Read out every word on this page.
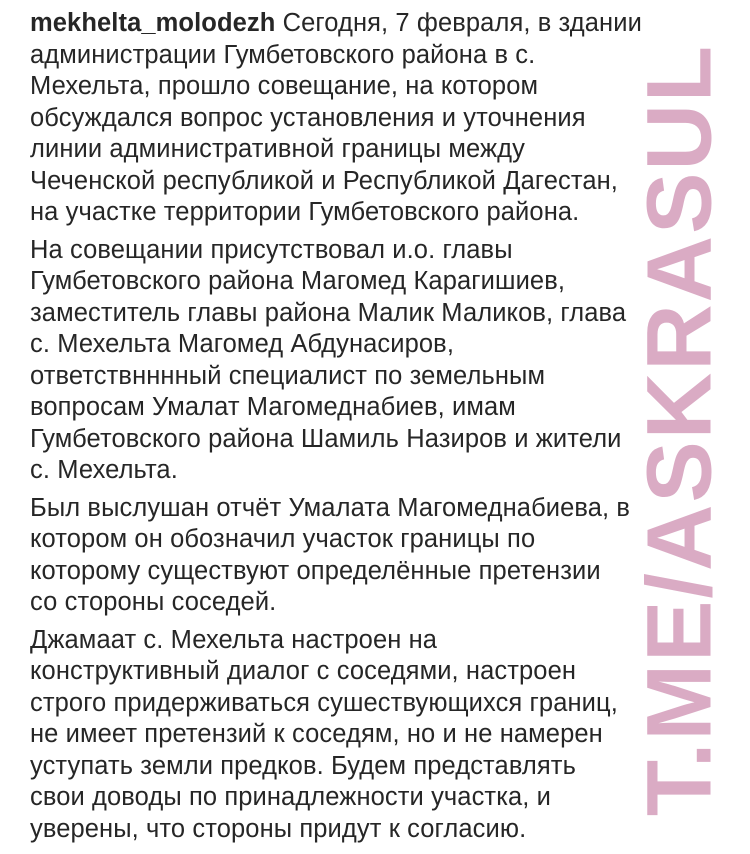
mekhelta_molodezh Сегодня, 7 февраля, в здании
администрации Гумбетовского района в с.
Мехельта, прошло совещание, на котором
обсуждался вопрос установления и уточнения
линии административной границы между
Чеченской республикой и Республикой Дагестан,
на участке территории Гумбетовского района.

На совещании присутствовал и.о. главы
Гумбетовского района Магомед Карагишиев,
заместитель главы района Малик Маликов, глава
с. Мехельта Магомед Абдунасиров,
ответствнннный специалист по земельным
вопросам Умалат Магомеднабиев, имам
Гумбетовского района Шамиль Назиров и жители
с. Мехельта.

Был выслушан отчёт Умалата Магомеднабиева, в
котором он обозначил участок границы по
которому существуют определённые претензии
со стороны соседей.

Джамаат с. Мехельта настроен на
конструктивный диалог с соседями, настроен
строго придерживаться сушествующихся границ,
не имеет претензий к соседям, но и не намерен
уступать земли предков. Будем представлять
свои доводы по принадлежности участка, и
уверены, что стороны придут к согласию.

T.ME/ASKRASUL
